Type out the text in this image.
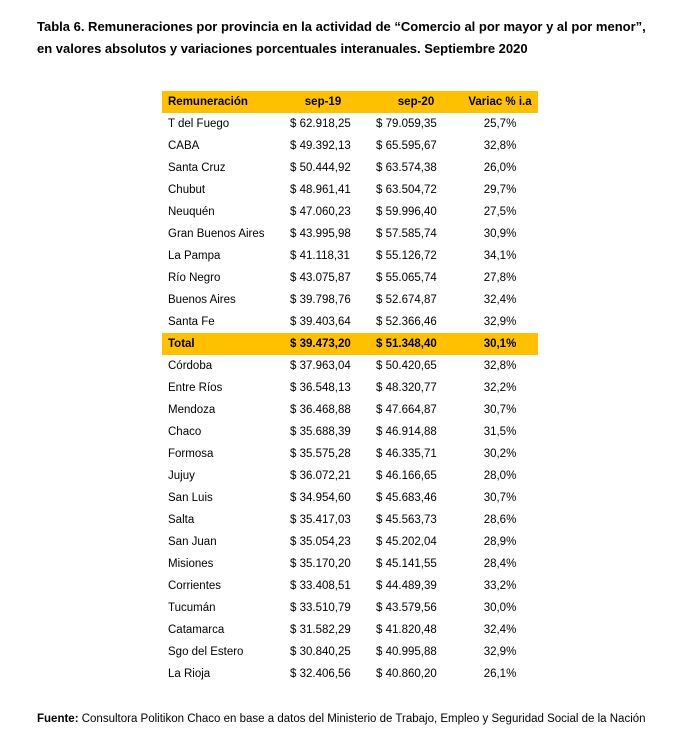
Tabla 6. Remuneraciones por provincia en la actividad de “Comercio al por mayor y al por menor”,
en valores absolutos y variaciones porcentuales interanuales. Septiembre 2020
Remuneración	sep-19	sep-20	Variac % i.a
T del Fuego	$ 62.918,25	$ 79.059,35	25,7%
CABA	$ 49.392,13	$ 65.595,67	32,8%
Santa Cruz	$ 50.444,92	$ 63.574,38	26,0%
Chubut	$ 48.961,41	$ 63.504,72	29,7%
Neuquén	$ 47.060,23	$ 59.996,40	27,5%
Gran Buenos Aires	$ 43.995,98	$ 57.585,74	30,9%
La Pampa	$ 41.118,31	$ 55.126,72	34,1%
Río Negro	$ 43.075,87	$ 55.065,74	27,8%
Buenos Aires	$ 39.798,76	$ 52.674,87	32,4%
Santa Fe	$ 39.403,64	$ 52.366,46	32,9%
Total	$ 39.473,20	$ 51.348,40	30,1%
Córdoba	$ 37.963,04	$ 50.420,65	32,8%
Entre Ríos	$ 36.548,13	$ 48.320,77	32,2%
Mendoza	$ 36.468,88	$ 47.664,87	30,7%
Chaco	$ 35.688,39	$ 46.914,88	31,5%
Formosa	$ 35.575,28	$ 46.335,71	30,2%
Jujuy	$ 36.072,21	$ 46.166,65	28,0%
San Luis	$ 34.954,60	$ 45.683,46	30,7%
Salta	$ 35.417,03	$ 45.563,73	28,6%
San Juan	$ 35.054,23	$ 45.202,04	28,9%
Misiones	$ 35.170,20	$ 45.141,55	28,4%
Corrientes	$ 33.408,51	$ 44.489,39	33,2%
Tucumán	$ 33.510,79	$ 43.579,56	30,0%
Catamarca	$ 31.582,29	$ 41.820,48	32,4%
Sgo del Estero	$ 30.840,25	$ 40.995,88	32,9%
La Rioja	$ 32.406,56	$ 40.860,20	26,1%
Fuente: Consultora Politikon Chaco en base a datos del Ministerio de Trabajo, Empleo y Seguridad Social de la Nación
